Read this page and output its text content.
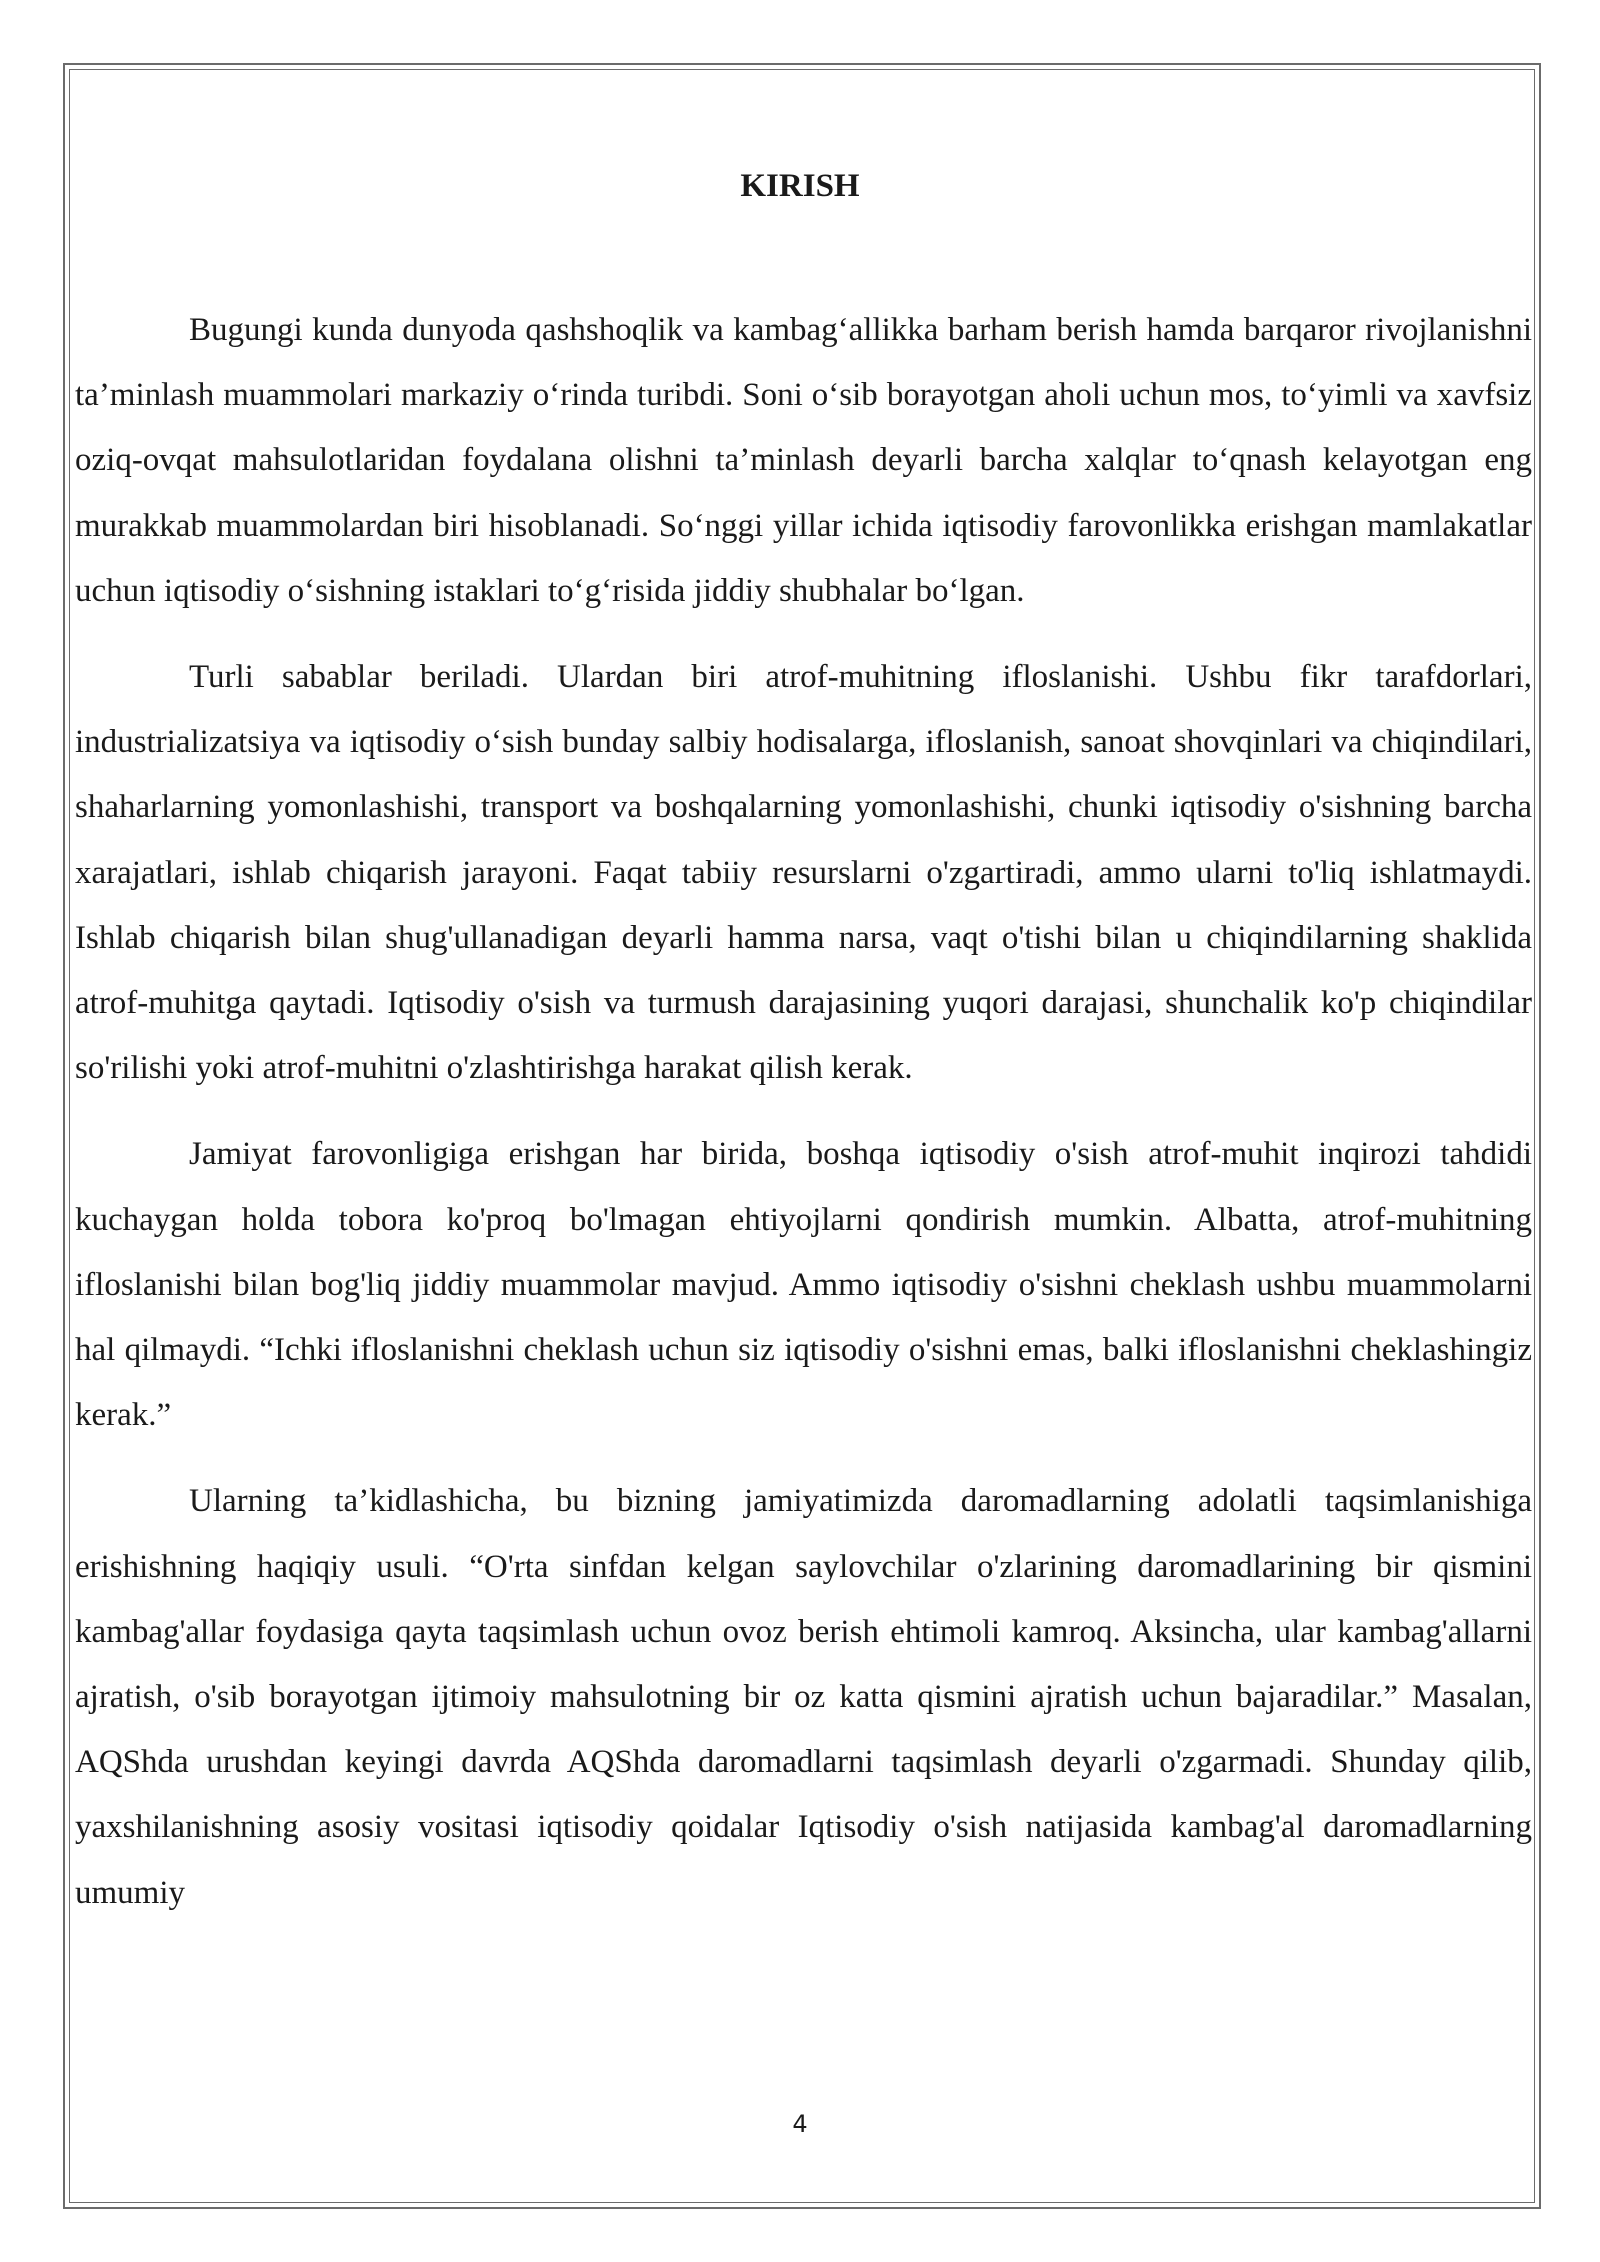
KIRISH

Bugungi kunda dunyoda qashshoqlik va kambag‘allikka barham berish hamda barqaror rivojlanishni ta’minlash muammolari markaziy o‘rinda turibdi. Soni o‘sib borayotgan aholi uchun mos, to‘yimli va xavfsiz oziq-ovqat mahsulotlaridan foydalana olishni ta’minlash deyarli barcha xalqlar to‘qnash kelayotgan eng murakkab muammolardan biri hisoblanadi. So‘nggi yillar ichida iqtisodiy farovonlikka erishgan mamlakatlar uchun iqtisodiy o‘sishning istaklari to‘g‘risida jiddiy shubhalar bo‘lgan.

Turli sabablar beriladi. Ulardan biri atrof-muhitning ifloslanishi. Ushbu fikr tarafdorlari, industrializatsiya va iqtisodiy o‘sish bunday salbiy hodisalarga, ifloslanish, sanoat shovqinlari va chiqindilari, shaharlarning yomonlashishi, transport va boshqalarning yomonlashishi, chunki iqtisodiy o'sishning barcha xarajatlari, ishlab chiqarish jarayoni. Faqat tabiiy resurslarni o'zgartiradi, ammo ularni to'liq ishlatmaydi. Ishlab chiqarish bilan shug'ullanadigan deyarli hamma narsa, vaqt o'tishi bilan u chiqindilarning shaklida atrof-muhitga qaytadi. Iqtisodiy o'sish va turmush darajasining yuqori darajasi, shunchalik ko'p chiqindilar so'rilishi yoki atrof-muhitni o'zlashtirishga harakat qilish kerak.

Jamiyat farovonligiga erishgan har birida, boshqa iqtisodiy o'sish atrof-muhit inqirozi tahdidi kuchaygan holda tobora ko'proq bo'lmagan ehtiyojlarni qondirish mumkin. Albatta, atrof-muhitning ifloslanishi bilan bog'liq jiddiy muammolar mavjud. Ammo iqtisodiy o'sishni cheklash ushbu muammolarni hal qilmaydi. “Ichki ifloslanishni cheklash uchun siz iqtisodiy o'sishni emas, balki ifloslanishni cheklashingiz kerak.”

Ularning ta’kidlashicha, bu bizning jamiyatimizda daromadlarning adolatli taqsimlanishiga erishishning haqiqiy usuli. “O'rta sinfdan kelgan saylovchilar o'zlarining daromadlarining bir qismini kambag'allar foydasiga qayta taqsimlash uchun ovoz berish ehtimoli kamroq. Aksincha, ular kambag'allarni ajratish, o'sib borayotgan ijtimoiy mahsulotning bir oz katta qismini ajratish uchun bajaradilar.” Masalan, AQShda urushdan keyingi davrda AQShda daromadlarni taqsimlash deyarli o'zgarmadi. Shunday qilib, yaxshilanishning asosiy vositasi iqtisodiy qoidalar Iqtisodiy o'sish natijasida kambag'al daromadlarning umumiy

4
